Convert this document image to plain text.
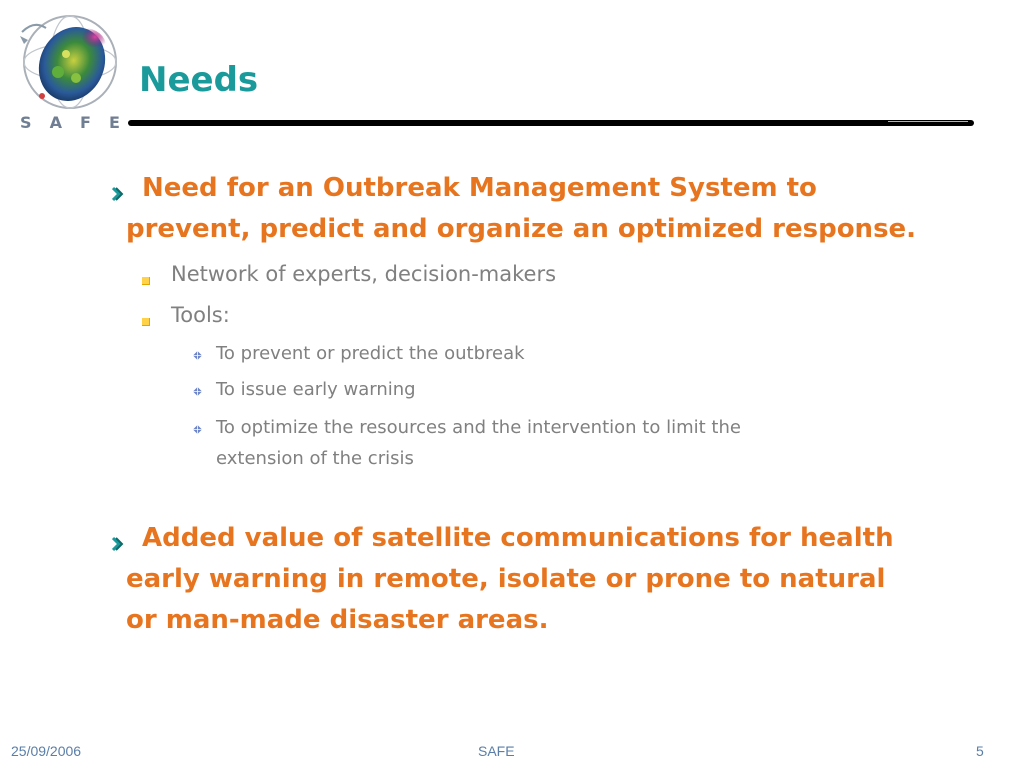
S A F E
Needs
Need for an Outbreak Management System to
prevent, predict and organize an optimized response.
Network of experts, decision-makers
Tools:
To prevent or predict the outbreak
To issue early warning
To optimize the resources and the intervention to limit the
extension of the crisis
Added value of satellite communications for health
early warning in remote, isolate or prone to natural
or man-made disaster areas.
25/09/2006	SAFE	5
